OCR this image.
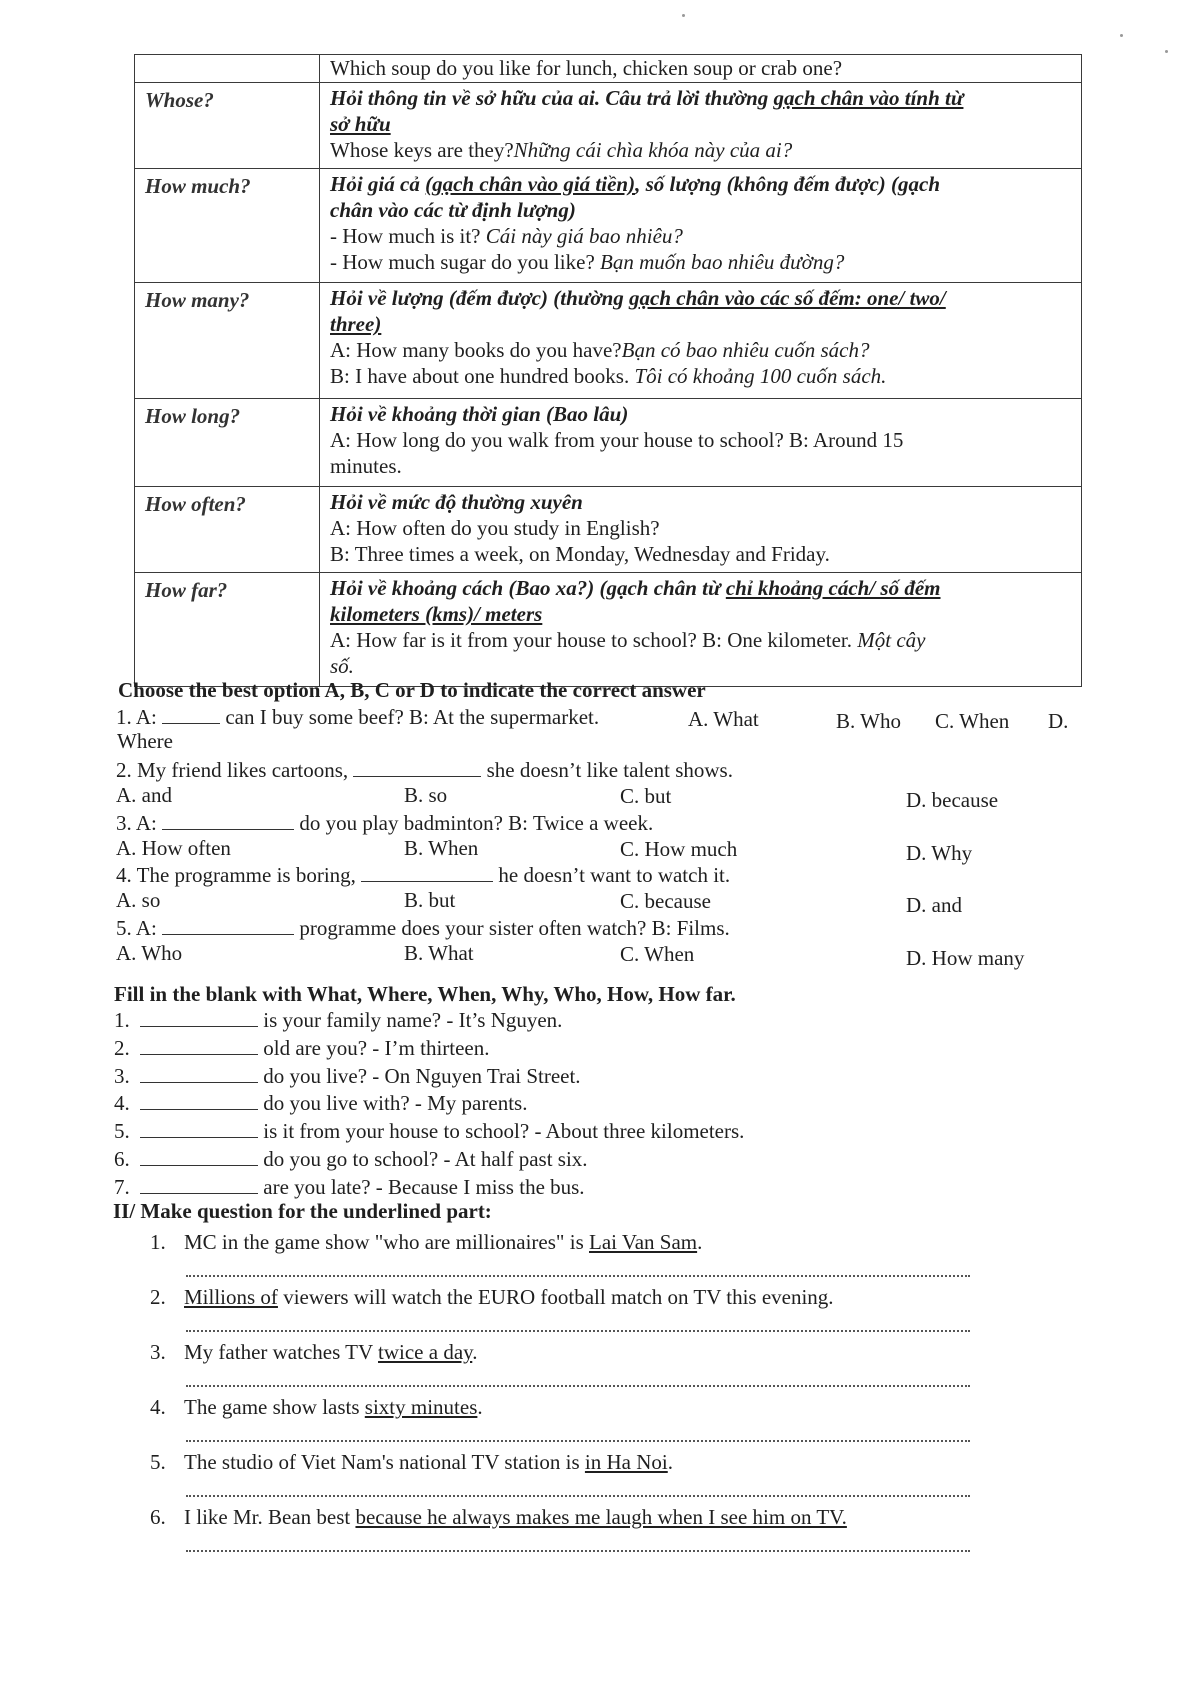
	Which soup do you like for lunch, chicken soup or crab one?

Whose?	Hỏi thông tin về sở hữu của ai. Câu trả lời thường gạch chân vào tính từ
sở hữu
Whose keys are they?Những cái chìa khóa này của ai?

How much?	Hỏi giá cả (gạch chân vào giá tiền), số lượng (không đếm được) (gạch
chân vào các từ định lượng)
- How much is it? Cái này giá bao nhiêu?
- How much sugar do you like? Bạn muốn bao nhiêu đường?

How many?	Hỏi về lượng (đếm được) (thường gạch chân vào các số đếm: one/ two/
three)
A: How many books do you have?Bạn có bao nhiêu cuốn sách?
B: I have about one hundred books. Tôi có khoảng 100 cuốn sách.

How long?	Hỏi về khoảng thời gian (Bao lâu)
A: How long do you walk from your house to school? B: Around 15
minutes.

How often?	Hỏi về mức độ thường xuyên
A: How often do you study in English?
B: Three times a week, on Monday, Wednesday and Friday.

How far?	Hỏi về khoảng cách (Bao xa?) (gạch chân từ chỉ khoảng cách/ số đếm
kilometers (kms)/ meters
A: How far is it from your house to school? B: One kilometer. Một cây
số.
Choose the best option A, B, C or D to indicate the correct answer
1. A:	can I buy some beef? B: At the supermarket.	A. What	B. Who C. When D.
Where
2. My friend likes cartoons,	she doesn’t like talent shows.
A. and	B. so	C. but	D. because
3. A:	do you play badminton? B: Twice a week.
A. How often	B. When	C. How much	D. Why
4. The programme is boring,	he doesn’t want to watch it.
A. so	B. but	C. because	D. and
5. A:	programme does your sister often watch? B: Films.
A. Who	B. What	C. When	D. How many
Fill in the blank with What, Where, When, Why, Who, How, How far.
1.	is your family name? - It’s Nguyen.
2.	old are you? - I’m thirteen.
3.	do you live? - On Nguyen Trai Street.
4.	do you live with? - My parents.
5.	is it from your house to school? - About three kilometers.
6.	do you go to school? - At half past six.
7.	are you late? - Because I miss the bus.
II/ Make question for the underlined part:
1. MC in the game show "who are millionaires" is Lai Van Sam.
2. Millions of viewers will watch the EURO football match on TV this evening.
3. My father watches TV twice a day.
4. The game show lasts sixty minutes.
5. The studio of Viet Nam's national TV station is in Ha Noi.
6. I like Mr. Bean best because he always makes me laugh when I see him on TV.
